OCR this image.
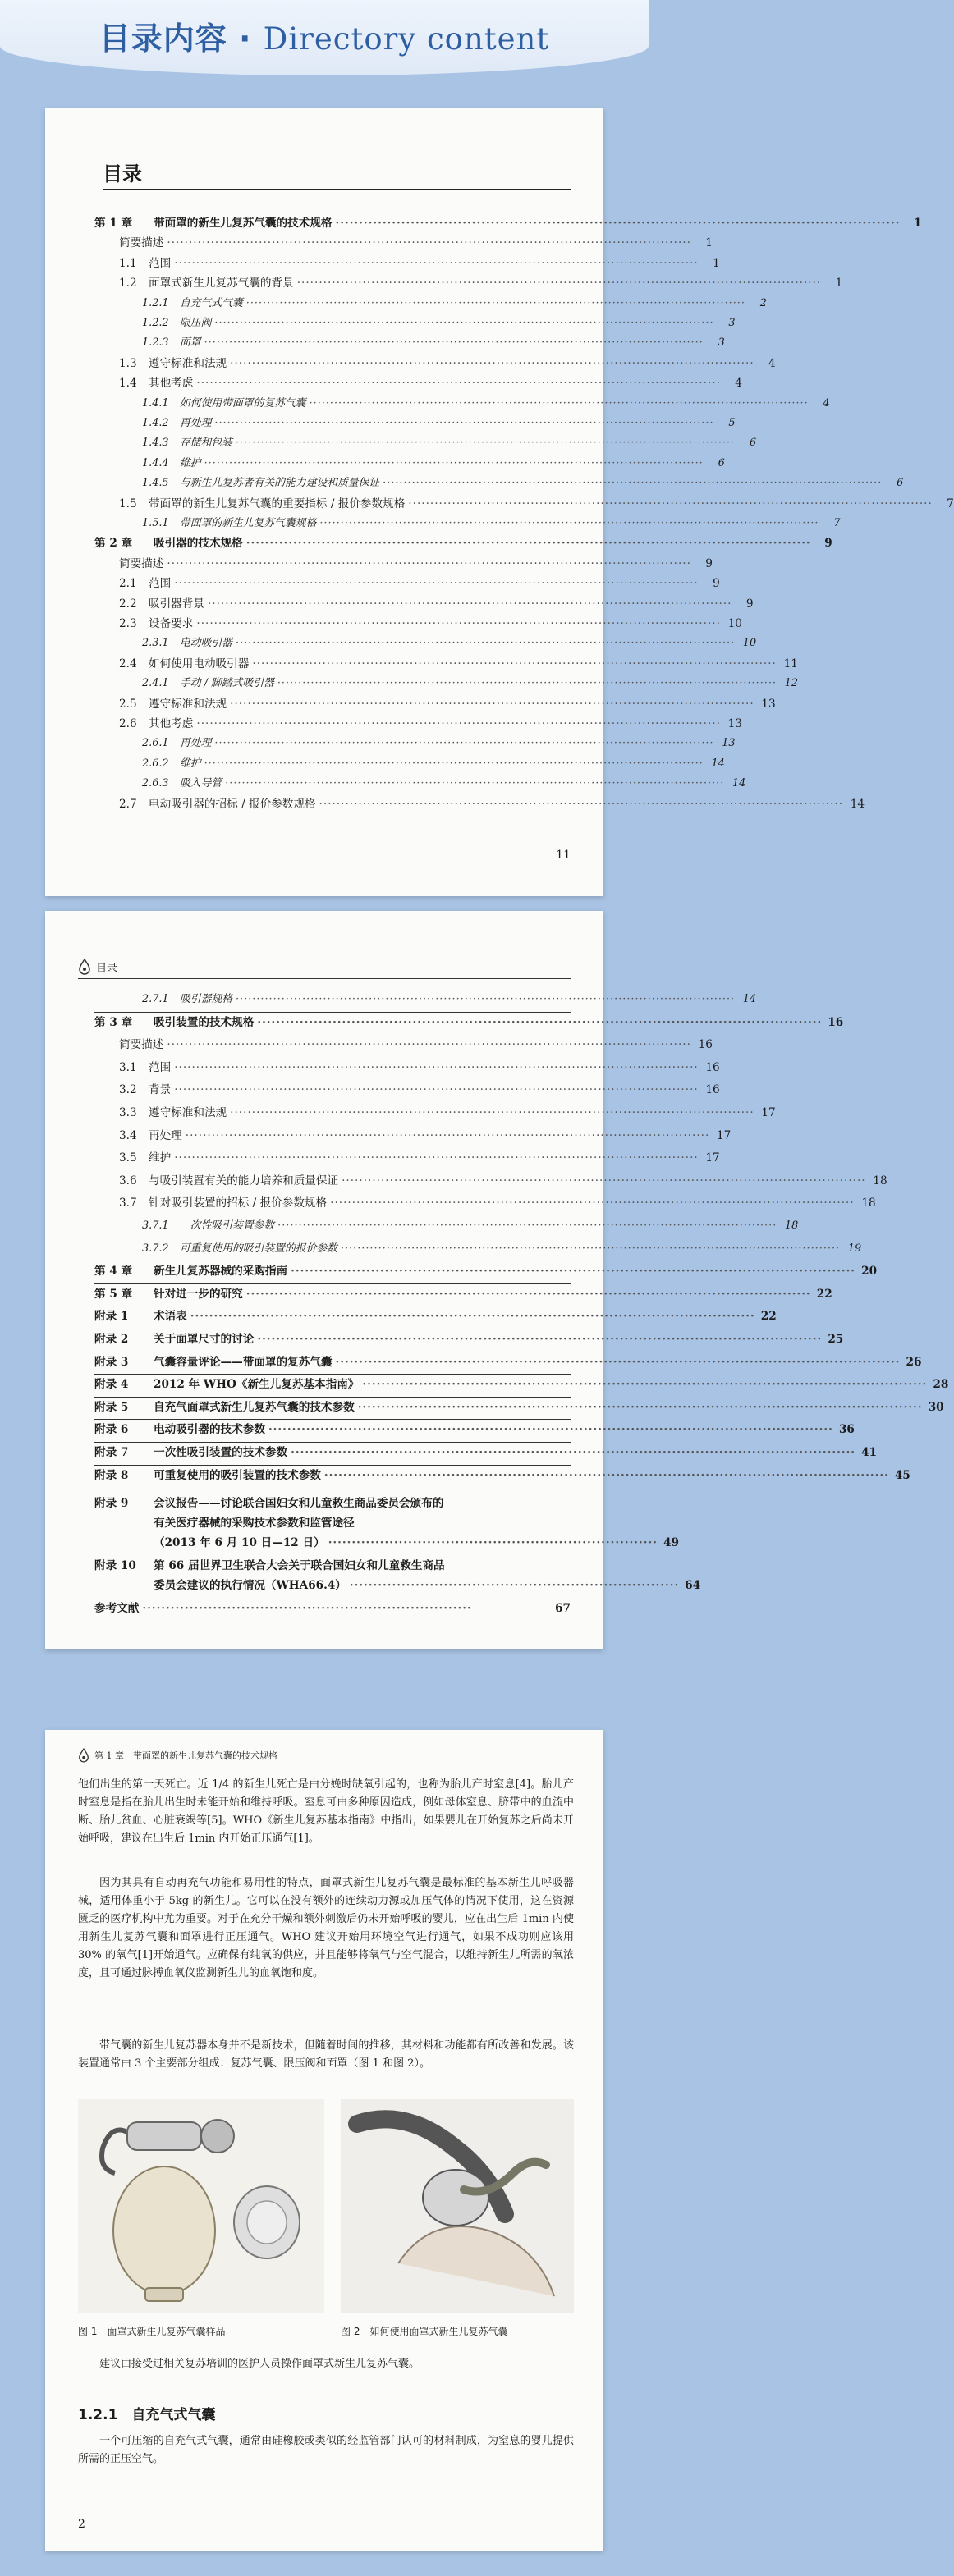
目录内容 · Directory content
目录
第 1 章	带面罩的新生儿复苏气囊的技术规格 ························································································································	1
简要描述 ························································································································	1
1.1	范围 ························································································································	1
1.2	面罩式新生儿复苏气囊的背景 ························································································································	1
1.2.1	自充气式气囊 ························································································································	2
1.2.2	限压阀 ························································································································	3
1.2.3	面罩 ························································································································	3
1.3	遵守标准和法规 ························································································································	4
1.4	其他考虑 ························································································································	4
1.4.1	如何使用带面罩的复苏气囊 ························································································································	4
1.4.2	再处理 ························································································································	5
1.4.3	存储和包装 ························································································································	6
1.4.4	维护 ························································································································	6
1.4.5	与新生儿复苏者有关的能力建设和质量保证 ························································································································	6
1.5	带面罩的新生儿复苏气囊的重要指标 / 报价参数规格 ························································································································	7
1.5.1	带面罩的新生儿复苏气囊规格 ························································································································	7
第 2 章	吸引器的技术规格 ························································································································	9
简要描述 ························································································································	9
2.1	范围 ························································································································	9
2.2	吸引器背景 ························································································································	9
2.3	设备要求 ························································································································ 10
2.3.1	电动吸引器 ························································································································ 10
2.4	如何使用电动吸引器 ························································································································ 11
2.4.1	手动 / 脚踏式吸引器 ························································································································ 12
2.5	遵守标准和法规 ························································································································ 13
2.6	其他考虑 ························································································································ 13
2.6.1	再处理 ························································································································ 13
2.6.2	维护 ························································································································ 14
2.6.3	吸入导管 ························································································································ 14
2.7	电动吸引器的招标 / 报价参数规格 ························································································································ 14
11
目录
2.7.1	吸引器规格 ························································································································ 14
第 3 章	吸引装置的技术规格 ························································································································ 16
简要描述 ························································································································ 16
3.1	范围 ························································································································ 16
3.2	背景 ························································································································ 16
3.3	遵守标准和法规 ························································································································ 17
3.4	再处理 ························································································································ 17
3.5	维护 ························································································································ 17
3.6	与吸引装置有关的能力培养和质量保证 ························································································································ 18
3.7	针对吸引装置的招标 / 报价参数规格 ························································································································ 18
3.7.1	一次性吸引装置参数 ························································································································ 18
3.7.2	可重复使用的吸引装置的报价参数 ························································································································ 19
第 4 章	新生儿复苏器械的采购指南 ························································································································ 20
第 5 章	针对进一步的研究 ························································································································ 22
附录 1	术语表 ························································································································ 22
附录 2	关于面罩尺寸的讨论 ························································································································ 25
附录 3	气囊容量评论——带面罩的复苏气囊 ························································································································ 26
附录 4	2012 年 WHO《新生儿复苏基本指南》 ························································································································ 28
附录 5	自充气面罩式新生儿复苏气囊的技术参数 ························································································································ 30
附录 6	电动吸引器的技术参数 ························································································································ 36
附录 7	一次性吸引装置的技术参数 ························································································································ 41
附录 8	可重复使用的吸引装置的技术参数 ························································································································ 45
附录 9	会议报告——讨论联合国妇女和儿童救生商品委员会颁布的
有关医疗器械的采购技术参数和监管途径
（2013 年 6 月 10 日—12 日） ······································································ 49
附录 10	第 66 届世界卫生联合大会关于联合国妇女和儿童救生商品
委员会建议的执行情况（WHA66.4） ······································································ 64
参考文献 ······································································	67
第 1 章　带面罩的新生儿复苏气囊的技术规格
他们出生的第一天死亡。近 1/4 的新生儿死亡是由分娩时缺氧引起的，也称为胎儿产时窒息[4]。胎儿产时窒息是指在胎儿出生时未能开始和维持呼吸。窒息可由多种原因造成，例如母体窒息、脐带中的血流中断、胎儿贫血、心脏衰竭等[5]。WHO《新生儿复苏基本指南》中指出，如果婴儿在开始复苏之后尚未开始呼吸，建议在出生后 1min 内开始正压通气[1]。
因为其具有自动再充气功能和易用性的特点，面罩式新生儿复苏气囊是最标准的基本新生儿呼吸器械，适用体重小于 5kg 的新生儿。它可以在没有额外的连续动力源或加压气体的情况下使用，这在资源匮乏的医疗机构中尤为重要。对于在充分干燥和额外刺激后仍未开始呼吸的婴儿，应在出生后 1min 内使用新生儿复苏气囊和面罩进行正压通气。WHO 建议开始用环境空气进行通气，如果不成功则应该用 30% 的氧气[1]开始通气。应确保有纯氧的供应，并且能够将氧气与空气混合，以维持新生儿所需的氧浓度，且可通过脉搏血氧仪监测新生儿的血氧饱和度。
带气囊的新生儿复苏器本身并不是新技术，但随着时间的推移，其材料和功能都有所改善和发展。该装置通常由 3 个主要部分组成：复苏气囊、限压阀和面罩（图 1 和图 2）。
图 1　面罩式新生儿复苏气囊样品	图 2　如何使用面罩式新生儿复苏气囊
建议由接受过相关复苏培训的医护人员操作面罩式新生儿复苏气囊。
1.2.1　自充气式气囊
一个可压缩的自充气式气囊，通常由硅橡胶或类似的经监管部门认可的材料制成，为窒息的婴儿提供所需的正压空气。
2
